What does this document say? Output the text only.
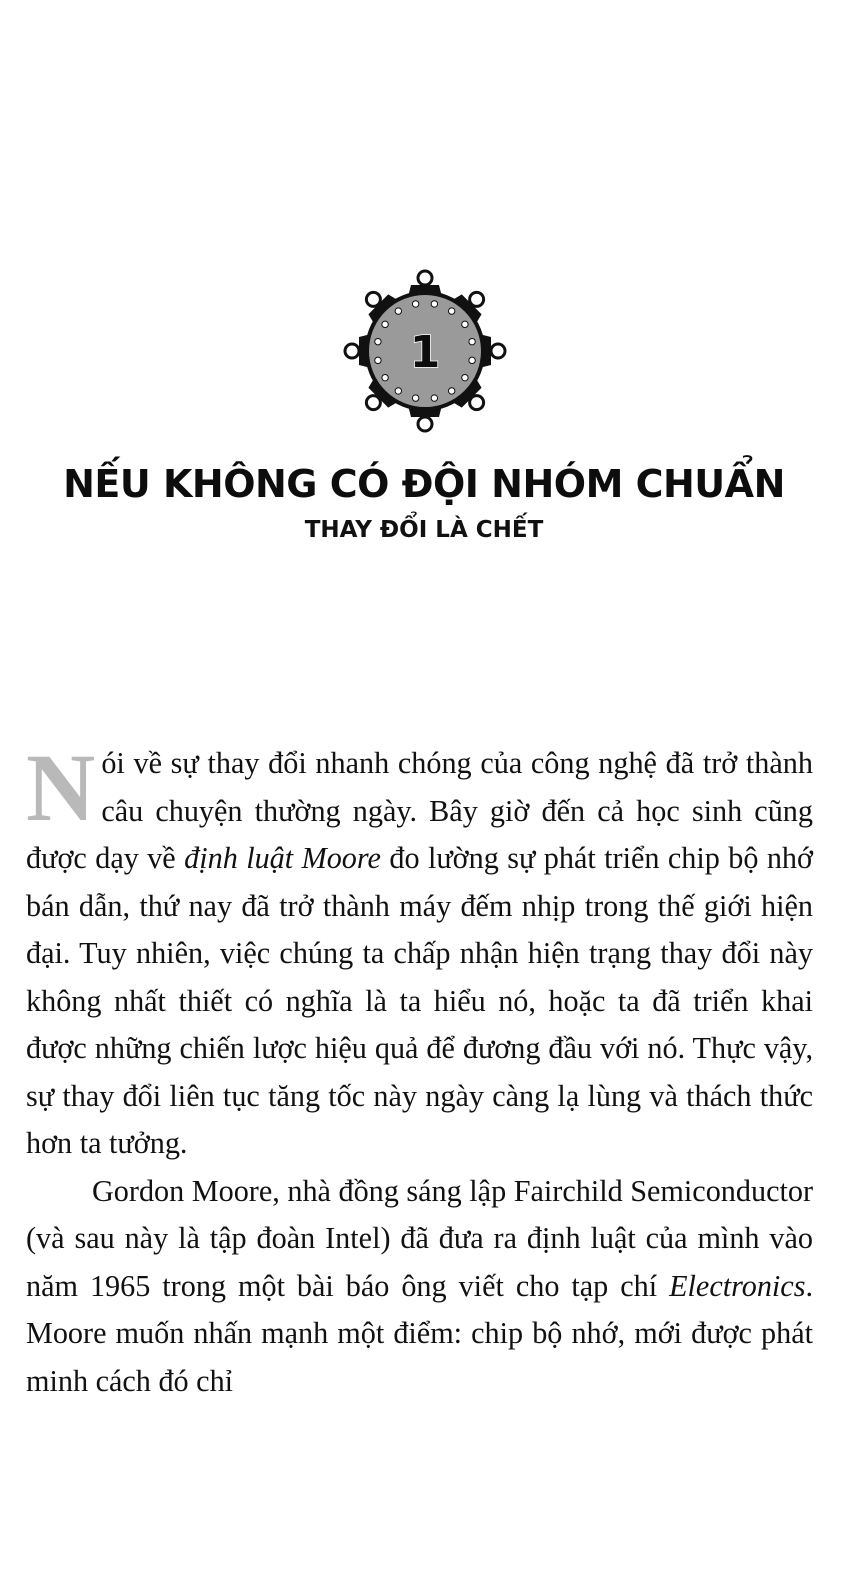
1
NẾU KHÔNG CÓ ĐỘI NHÓM CHUẨN
THAY ĐỔI LÀ CHẾT

Nói về sự thay đổi nhanh chóng của công nghệ đã trở thành câu chuyện thường ngày. Bây giờ đến cả học sinh cũng được dạy về định luật Moore đo lường sự phát triển chip bộ nhớ bán dẫn, thứ nay đã trở thành máy đếm nhịp trong thế giới hiện đại. Tuy nhiên, việc chúng ta chấp nhận hiện trạng thay đổi này không nhất thiết có nghĩa là ta hiểu nó, hoặc ta đã triển khai được những chiến lược hiệu quả để đương đầu với nó. Thực vậy, sự thay đổi liên tục tăng tốc này ngày càng lạ lùng và thách thức hơn ta tưởng.

Gordon Moore, nhà đồng sáng lập Fairchild Semiconductor (và sau này là tập đoàn Intel) đã đưa ra định luật của mình vào năm 1965 trong một bài báo ông viết cho tạp chí Electronics. Moore muốn nhấn mạnh một điểm: chip bộ nhớ, mới được phát minh cách đó chỉ
